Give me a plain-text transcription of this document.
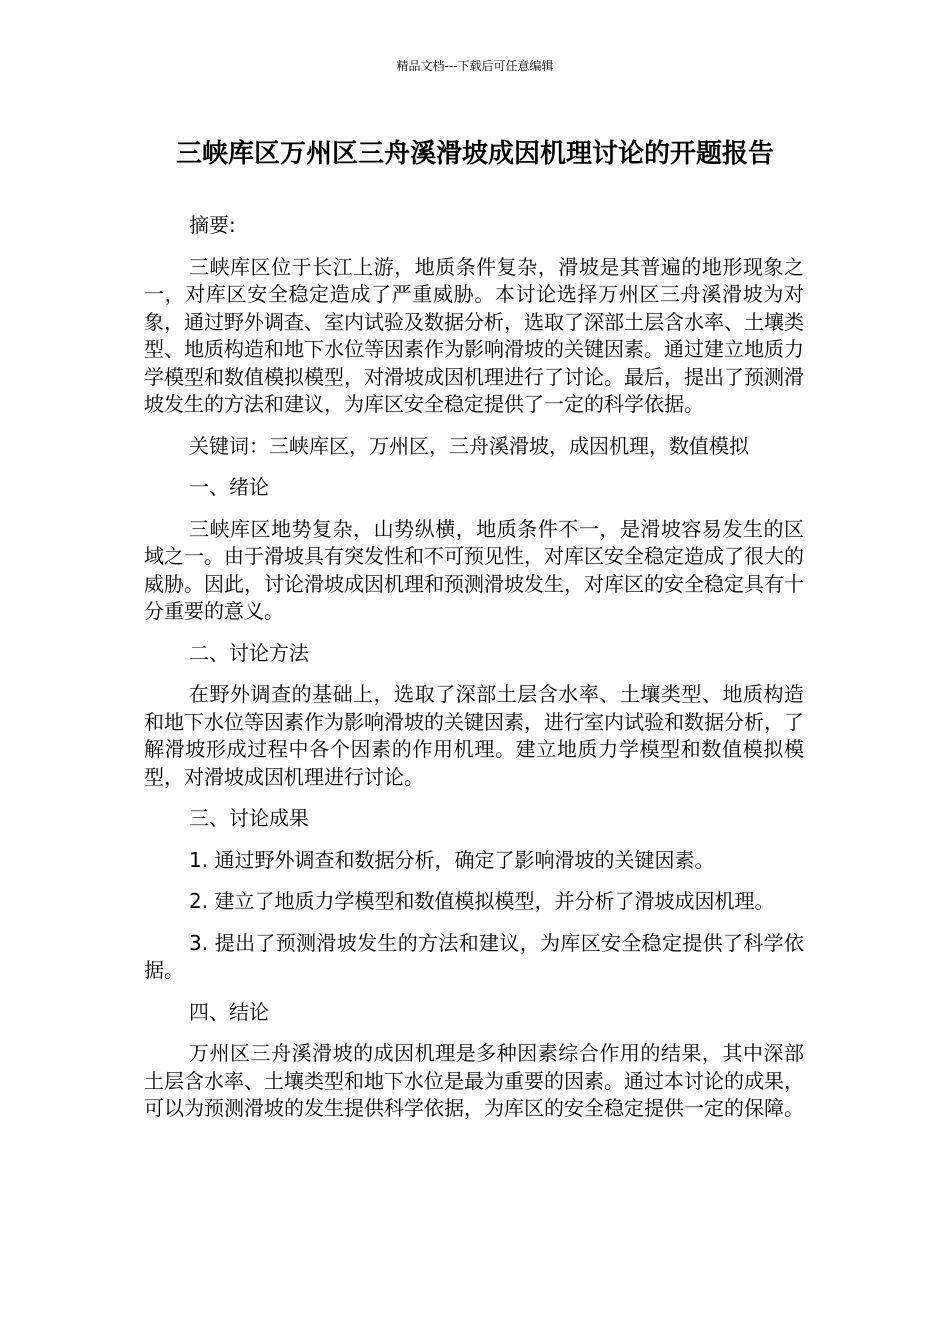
精品文档---下载后可任意编辑
三峡库区万州区三舟溪滑坡成因机理讨论的开题报告

摘要:

三峡库区位于长江上游，地质条件复杂，滑坡是其普遍的地形现象之一，对库区安全稳定造成了严重威胁。本讨论选择万州区三舟溪滑坡为对象，通过野外调查、室内试验及数据分析，选取了深部土层含水率、土壤类型、地质构造和地下水位等因素作为影响滑坡的关键因素。通过建立地质力学模型和数值模拟模型，对滑坡成因机理进行了讨论。最后，提出了预测滑坡发生的方法和建议，为库区安全稳定提供了一定的科学依据。

关键词：三峡库区，万州区，三舟溪滑坡，成因机理，数值模拟

一、绪论

三峡库区地势复杂，山势纵横，地质条件不一，是滑坡容易发生的区域之一。由于滑坡具有突发性和不可预见性，对库区安全稳定造成了很大的威胁。因此，讨论滑坡成因机理和预测滑坡发生，对库区的安全稳定具有十分重要的意义。

二、讨论方法

在野外调查的基础上，选取了深部土层含水率、土壤类型、地质构造和地下水位等因素作为影响滑坡的关键因素，进行室内试验和数据分析，了解滑坡形成过程中各个因素的作用机理。建立地质力学模型和数值模拟模型，对滑坡成因机理进行讨论。

三、讨论成果

1. 通过野外调查和数据分析，确定了影响滑坡的关键因素。

2. 建立了地质力学模型和数值模拟模型，并分析了滑坡成因机理。

3. 提出了预测滑坡发生的方法和建议，为库区安全稳定提供了科学依据。

四、结论

万州区三舟溪滑坡的成因机理是多种因素综合作用的结果，其中深部土层含水率、土壤类型和地下水位是最为重要的因素。通过本讨论的成果，可以为预测滑坡的发生提供科学依据，为库区的安全稳定提供一定的保障。
